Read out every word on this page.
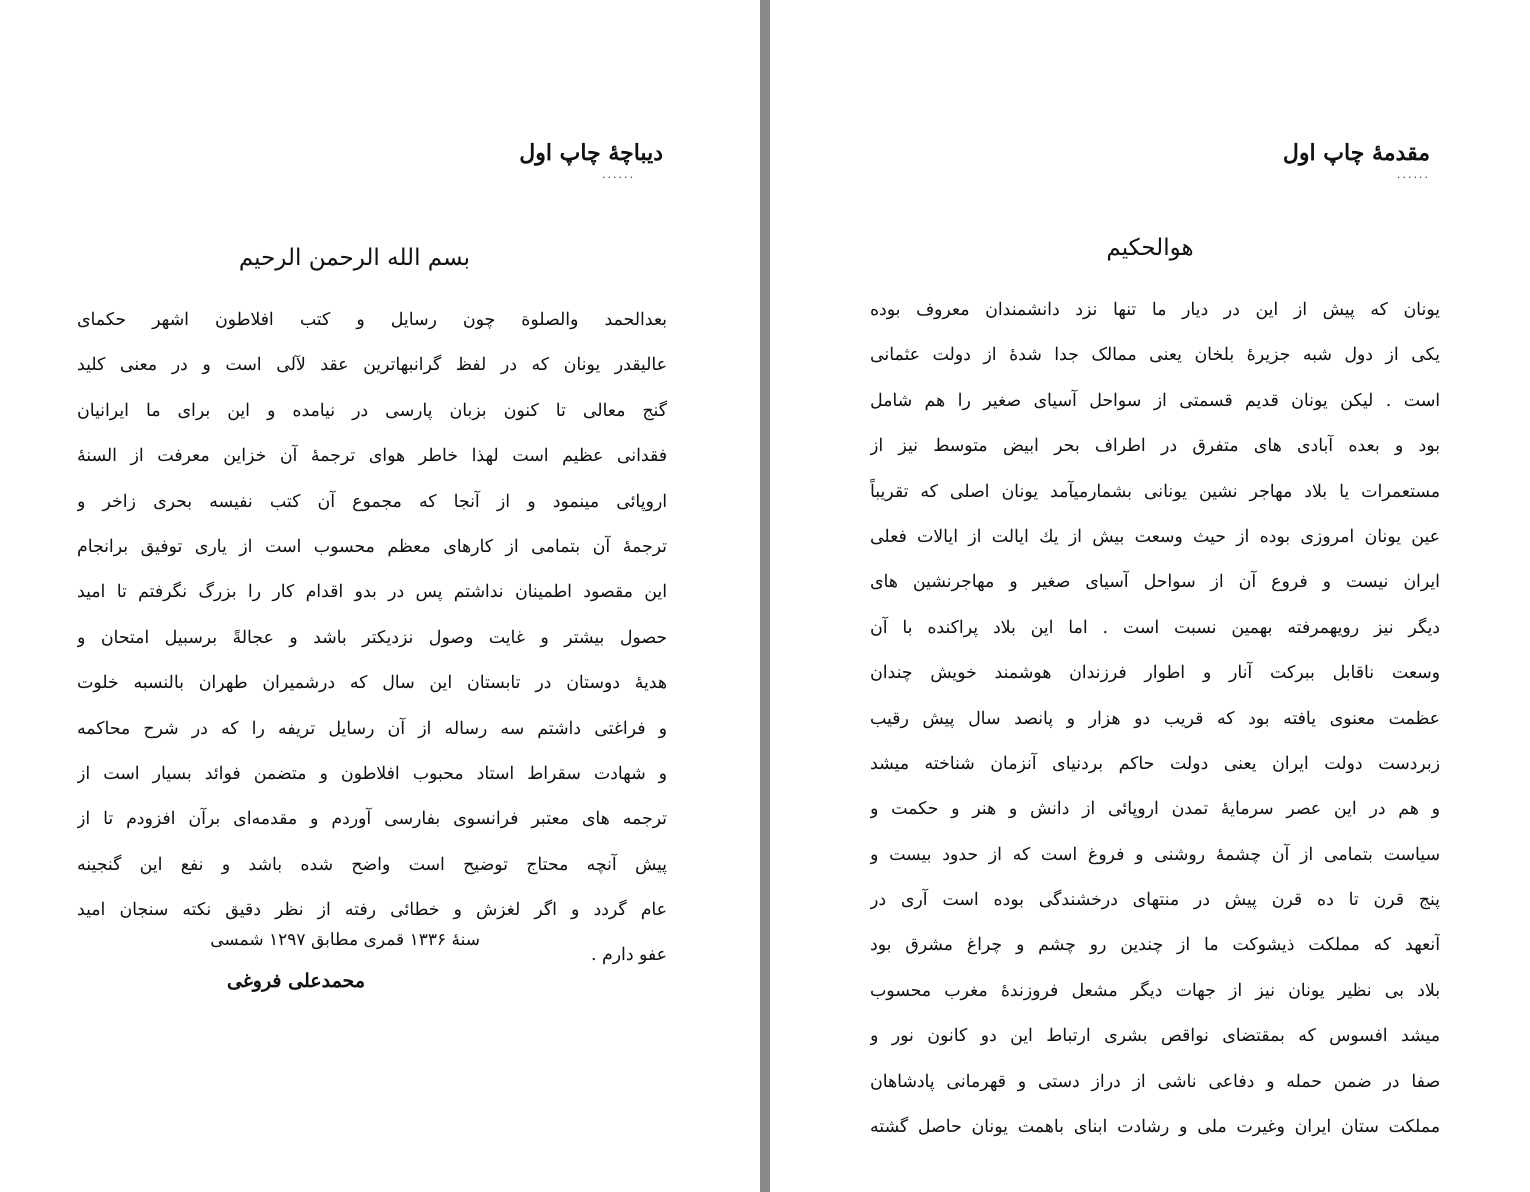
دیباچهٔ چاپ اول
......
بسم الله الرحمن الرحیم
بعدالحمد والصلوة چون رسایل و کتب افلاطون اشهر حکمای
عالیقدر یونان که در لفظ گرانبهاترین عقد لآلی است و در معنی کلید
گنج معالی تا کنون بزبان پارسی در نیامده و این برای ما ایرانیان
فقدانی عظیم است لهذا خاطر هوای ترجمهٔ آن خزاین معرفت از السنهٔ
اروپائی مینمود و از آنجا که مجموع آن کتب نفیسه بحری زاخر و
ترجمهٔ آن بتمامی از کارهای معظم محسوب است از یاری توفیق برانجام
این مقصود اطمینان نداشتم پس در بدو اقدام کار را بزرگ نگرفتم تا امید
حصول بیشتر و غایت وصول نزدیکتر باشد و عجالةً برسبیل امتحان و
هدیهٔ دوستان در تابستان این سال که درشمیران طهران بالنسبه خلوت
و فراغتی داشتم سه رساله از آن رسایل تریفه را که در شرح محاکمه
و شهادت سقراط استاد محبوب افلاطون و متضمن فوائد بسیار است از
ترجمه های معتبر فرانسوی بفارسی آوردم و مقدمه‌ای برآن افزودم تا از
پیش آنچه محتاج توضیح است واضح شده باشد و نفع این گنجینه
عام گردد و اگر لغزش و خطائی رفته از نظر دقیق نکته سنجان امید
عفو دارم .
سنهٔ ۱۳۳۶ قمری مطابق ۱۲۹۷ شمسی
محمدعلی فروغی
مقدمهٔ چاپ اول
......
هوالحکیم
یونان که پیش از این در دیار ما تنها نزد دانشمندان معروف بوده
یکی از دول شبه جزیرهٔ بلخان یعنی ممالک جدا شدهٔ از دولت عثمانی
است . لیکن یونان قدیم قسمتی از سواحل آسیای صغیر را هم شامل
بود و بعده آبادی های متفرق در اطراف بحر ابیض متوسط نیز از
مستعمرات یا بلاد مهاجر نشین یونانی بشمارمیآمد یونان اصلی که تقریباً
عین یونان امروزی بوده از حیث وسعت بیش از یك ایالت از ایالات فعلی
ایران نیست و فروع آن از سواحل آسیای صغیر و مهاجرنشین های
دیگر نیز رویهمرفته بهمین نسبت است . اما این بلاد پراکنده با آن
وسعت ناقابل ببرکت آنار و اطوار فرزندان هوشمند خویش چندان
عظمت معنوی یافته بود که قریب دو هزار و پانصد سال پیش رقیب
زبردست دولت ایران یعنی دولت حاکم بردنیای آنزمان شناخته میشد
و هم در این عصر سرمایهٔ تمدن اروپائی از دانش و هنر و حکمت و
سیاست بتمامی از آن چشمهٔ روشنی و فروغ است که از حدود بیست و
پنج قرن تا ده قرن پیش در منتهای درخشندگی بوده است آری در
آنعهد که مملکت ذیشوکت ما از چندین رو چشم و چراغ مشرق بود
بلاد بی نظیر یونان نیز از جهات دیگر مشعل فروزندهٔ مغرب محسوب
میشد افسوس که بمقتضای نواقص بشری ارتباط این دو کانون نور و
صفا در ضمن حمله و دفاعی ناشی از دراز دستی و قهرمانی پادشاهان
مملکت ستان ایران وغیرت ملی و رشادت ابنای باهمت یونان حاصل گشته
